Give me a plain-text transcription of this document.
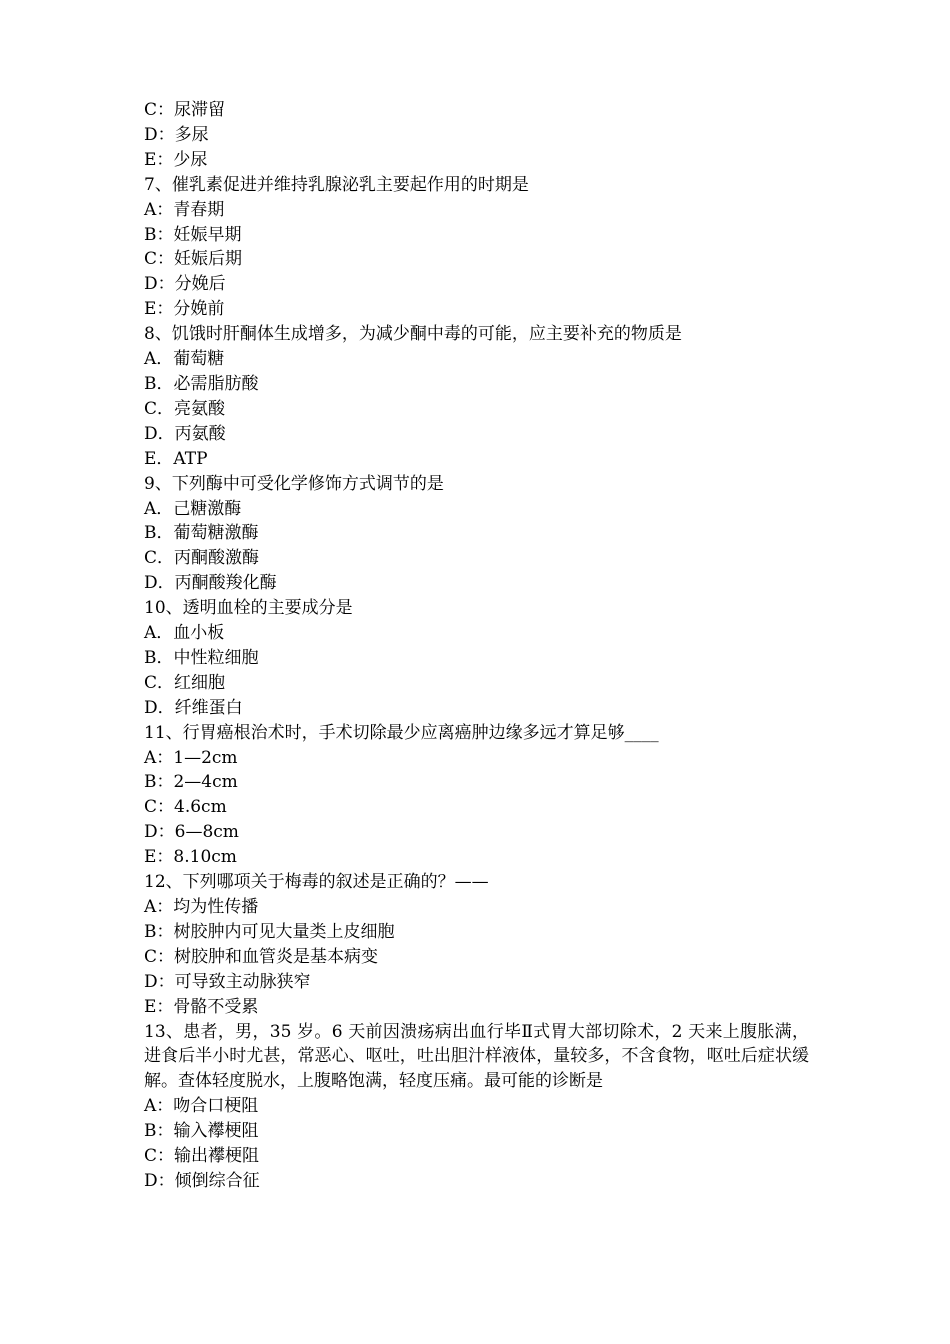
C：尿滞留

D：多尿

E：少尿

7、催乳素促进并维持乳腺泌乳主要起作用的时期是

A：青春期

B：妊娠早期

C：妊娠后期

D：分娩后

E：分娩前

8、饥饿时肝酮体生成增多，为减少酮中毒的可能，应主要补充的物质是

A．葡萄糖

B．必需脂肪酸

C．亮氨酸

D．丙氨酸

E．ATP

9、下列酶中可受化学修饰方式调节的是

A．己糖激酶

B．葡萄糖激酶

C．丙酮酸激酶

D．丙酮酸羧化酶

10、透明血栓的主要成分是

A．血小板

B．中性粒细胞

C．红细胞

D．纤维蛋白

11、行胃癌根治术时，手术切除最少应离癌肿边缘多远才算足够____

A：1—2cm

B：2—4cm

C：4.6cm

D：6—8cm

E：8.10cm

12、下列哪项关于梅毒的叙述是正确的？——

A：均为性传播

B：树胶肿内可见大量类上皮细胞

C：树胶肿和血管炎是基本病变

D：可导致主动脉狭窄

E：骨骼不受累

13、患者，男，35 岁。6 天前因溃疡病出血行毕Ⅱ式胃大部切除术，2 天来上腹胀满，进食后半小时尤甚，常恶心、呕吐，吐出胆汁样液体，量较多，不含食物，呕吐后症状缓解。查体轻度脱水，上腹略饱满，轻度压痛。最可能的诊断是

A：吻合口梗阻

B：输入襻梗阻

C：输出襻梗阻

D：倾倒综合征
